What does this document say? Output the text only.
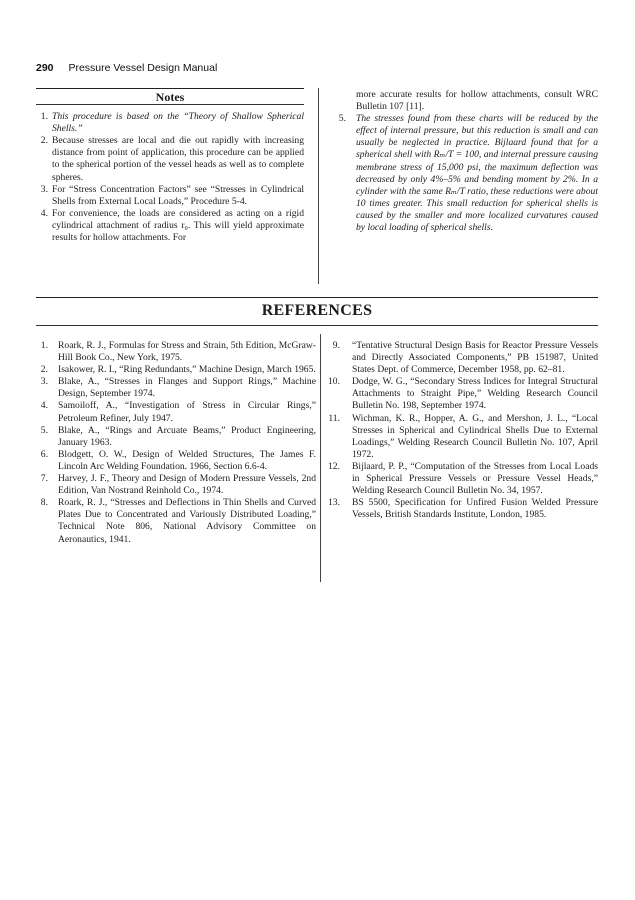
290 Pressure Vessel Design Manual
Notes
1. This procedure is based on the “Theory of Shallow Spherical Shells.”
2. Because stresses are local and die out rapidly with increasing distance from point of application, this procedure can be applied to the spherical portion of the vessel heads as well as to complete spheres.
3. For “Stress Concentration Factors” see “Stresses in Cylindrical Shells from External Local Loads,” Procedure 5-4.
4. For convenience, the loads are considered as acting on a rigid cylindrical attachment of radius r₀. This will yield approximate results for hollow attachments. For
more accurate results for hollow attachments, consult WRC Bulletin 107 [11].
5. The stresses found from these charts will be reduced by the effect of internal pressure, but this reduction is small and can usually be neglected in practice. Bijlaard found that for a spherical shell with Rₘ/T = 100, and internal pressure causing membrane stress of 15,000 psi, the maximum deflection was decreased by only 4%–5% and bending moment by 2%. In a cylinder with the same Rₘ/T ratio, these reductions were about 10 times greater. This small reduction for spherical shells is caused by the smaller and more localized curvatures caused by local loading of spherical shells.
REFERENCES
1. Roark, R. J., Formulas for Stress and Strain, 5th Edition, McGraw-Hill Book Co., New York, 1975.
2. Isakower, R. I., “Ring Redundants,” Machine Design, March 1965.
3. Blake, A., “Stresses in Flanges and Support Rings,” Machine Design, September 1974.
4. Samoiloff, A., “Investigation of Stress in Circular Rings,” Petroleum Refiner, July 1947.
5. Blake, A., “Rings and Arcuate Beams,” Product Engineering, January 1963.
6. Blodgett, O. W., Design of Welded Structures, The James F. Lincoln Arc Welding Foundation. 1966, Section 6.6-4.
7. Harvey, J. F., Theory and Design of Modern Pressure Vessels, 2nd Edition, Van Nostrand Reinhold Co., 1974.
8. Roark, R. J., “Stresses and Deflections in Thin Shells and Curved Plates Due to Concentrated and Variously Distributed Loading,” Technical Note 806, National Advisory Committee on Aeronautics, 1941.
9. “Tentative Structural Design Basis for Reactor Pressure Vessels and Directly Associated Components,” PB 151987, United States Dept. of Commerce, December 1958, pp. 62–81.
10. Dodge, W. G., “Secondary Stress Indices for Integral Structural Attachments to Straight Pipe,” Welding Research Council Bulletin No. 198, September 1974.
11. Wichman, K. R., Hopper, A. G., and Mershon, J. L., “Local Stresses in Spherical and Cylindrical Shells Due to External Loadings,” Welding Research Council Bulletin No. 107, April 1972.
12. Bijlaard, P. P., “Computation of the Stresses from Local Loads in Spherical Pressure Vessels or Pressure Vessel Heads,” Welding Research Council Bulletin No. 34, 1957.
13. BS 5500, Specification for Unfired Fusion Welded Pressure Vessels, British Standards Institute, London, 1985.
